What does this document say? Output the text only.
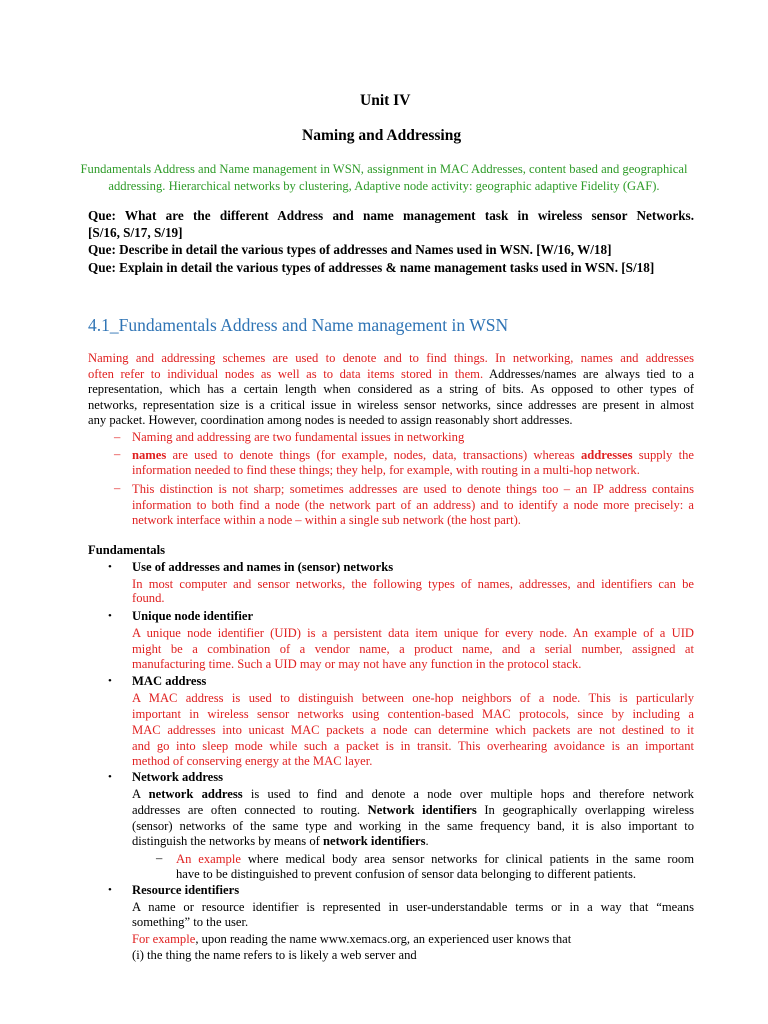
Unit IV
Naming and Addressing
Fundamentals Address and Name management in WSN, assignment in MAC Addresses, content based and geographical
addressing. Hierarchical networks by clustering, Adaptive node activity: geographic adaptive Fidelity (GAF).
Que: What are the different Address and name management task in wireless sensor Networks.
[S/16, S/17, S/19]
Que: Describe in detail the various types of addresses and Names used in WSN. [W/16, W/18]
Que: Explain in detail the various types of addresses & name management tasks used in WSN. [S/18]
4.1_Fundamentals Address and Name management in WSN
Naming and addressing schemes are used to denote and to find things. In networking, names and addresses
often refer to individual nodes as well as to data items stored in them. Addresses/names are always tied to a
representation, which has a certain length when considered as a string of bits. As opposed to other types of
networks, representation size is a critical issue in wireless sensor networks, since addresses are present in almost
any packet. However, coordination among nodes is needed to assign reasonably short addresses.
– Naming and addressing are two fundamental issues in networking
– names are used to denote things (for example, nodes, data, transactions) whereas addresses supply the
information needed to find these things; they help, for example, with routing in a multi-hop network.
– This distinction is not sharp; sometimes addresses are used to denote things too – an IP address contains
information to both find a node (the network part of an address) and to identify a node more precisely: a
network interface within a node – within a single sub network (the host part).
Fundamentals
• Use of addresses and names in (sensor) networks
In most computer and sensor networks, the following types of names, addresses, and identifiers can be
found.
• Unique node identifier
A unique node identifier (UID) is a persistent data item unique for every node. An example of a UID
might be a combination of a vendor name, a product name, and a serial number, assigned at
manufacturing time. Such a UID may or may not have any function in the protocol stack.
• MAC address
A MAC address is used to distinguish between one-hop neighbors of a node. This is particularly
important in wireless sensor networks using contention-based MAC protocols, since by including a
MAC addresses into unicast MAC packets a node can determine which packets are not destined to it
and go into sleep mode while such a packet is in transit. This overhearing avoidance is an important
method of conserving energy at the MAC layer.
• Network address
A network address is used to find and denote a node over multiple hops and therefore network
addresses are often connected to routing. Network identifiers In geographically overlapping wireless
(sensor) networks of the same type and working in the same frequency band, it is also important to
distinguish the networks by means of network identifiers.
– An example where medical body area sensor networks for clinical patients in the same room
have to be distinguished to prevent confusion of sensor data belonging to different patients.
• Resource identifiers
A name or resource identifier is represented in user-understandable terms or in a way that “means
something” to the user.
For example, upon reading the name www.xemacs.org, an experienced user knows that
(i) the thing the name refers to is likely a web server and
